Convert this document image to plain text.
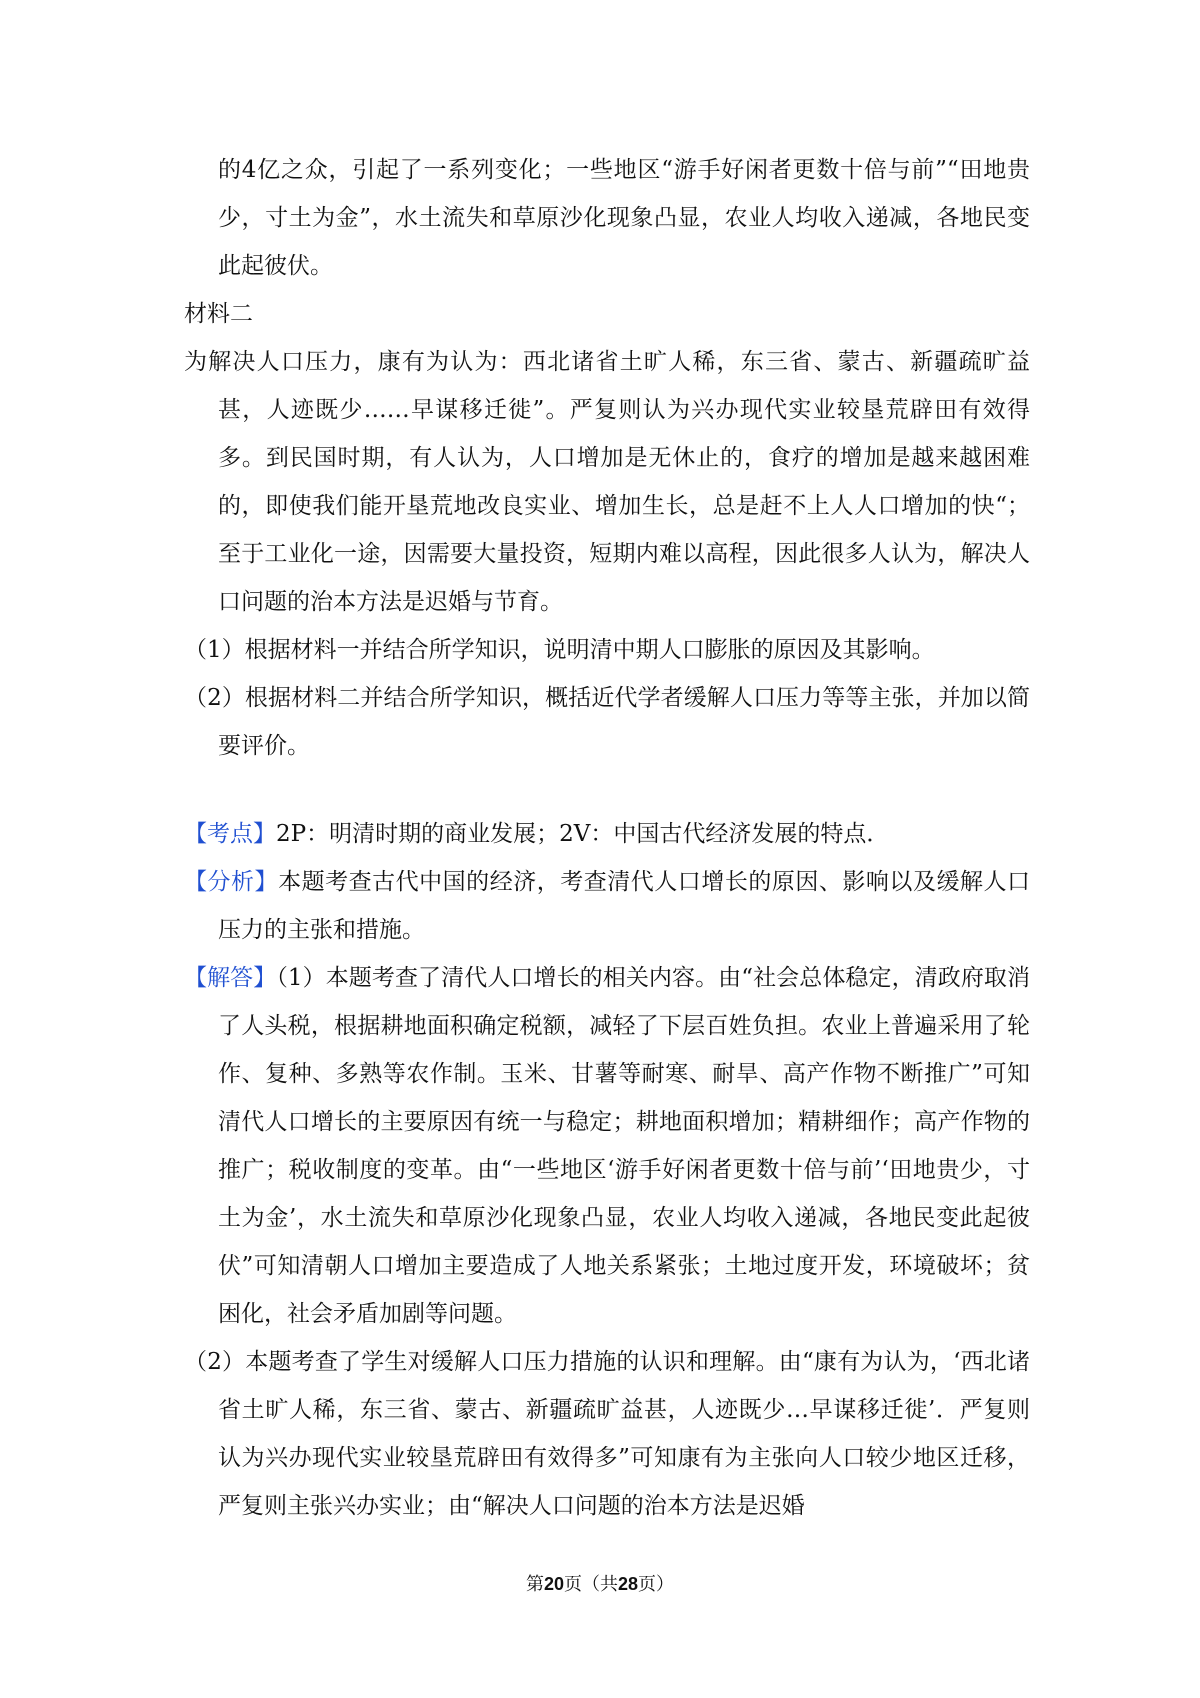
的4亿之众，引起了一系列变化；一些地区“游手好闲者更数十倍与前”“田地贵少，寸土为金”，水土流失和草原沙化现象凸显，农业人均收入递减，各地民变此起彼伏。

材料二

为解决人口压力，康有为认为：西北诸省土旷人稀，东三省、蒙古、新疆疏旷益甚，人迹既少……早谋移迁徙”。严复则认为兴办现代实业较垦荒辟田有效得多。到民国时期，有人认为，人口增加是无休止的，食疗的增加是越来越困难的，即使我们能开垦荒地改良实业、增加生长，总是赶不上人人口增加的快“；至于工业化一途，因需要大量投资，短期内难以高程，因此很多人认为，解决人口问题的治本方法是迟婚与节育。

（1）根据材料一并结合所学知识，说明清中期人口膨胀的原因及其影响。

（2）根据材料二并结合所学知识，概括近代学者缓解人口压力等等主张，并加以简要评价。

【考点】2P：明清时期的商业发展；2V：中国古代经济发展的特点．

【分析】本题考查古代中国的经济，考查清代人口增长的原因、影响以及缓解人口压力的主张和措施。

【解答】（1）本题考查了清代人口增长的相关内容。由“社会总体稳定，清政府取消了人头税，根据耕地面积确定税额，减轻了下层百姓负担。农业上普遍采用了轮作、复种、多熟等农作制。玉米、甘薯等耐寒、耐旱、高产作物不断推广”可知清代人口增长的主要原因有统一与稳定；耕地面积增加；精耕细作；高产作物的推广；税收制度的变革。由“一些地区‘游手好闲者更数十倍与前’‘田地贵少，寸土为金’，水土流失和草原沙化现象凸显，农业人均收入递减，各地民变此起彼伏”可知清朝人口增加主要造成了人地关系紧张；土地过度开发，环境破坏；贫困化，社会矛盾加剧等问题。

（2）本题考查了学生对缓解人口压力措施的认识和理解。由“康有为认为，‘西北诸省土旷人稀，东三省、蒙古、新疆疏旷益甚，人迹既少…早谋移迁徙’．严复则认为兴办现代实业较垦荒辟田有效得多”可知康有为主张向人口较少地区迁移，严复则主张兴办实业；由“解决人口问题的治本方法是迟婚

第20页（共28页）
